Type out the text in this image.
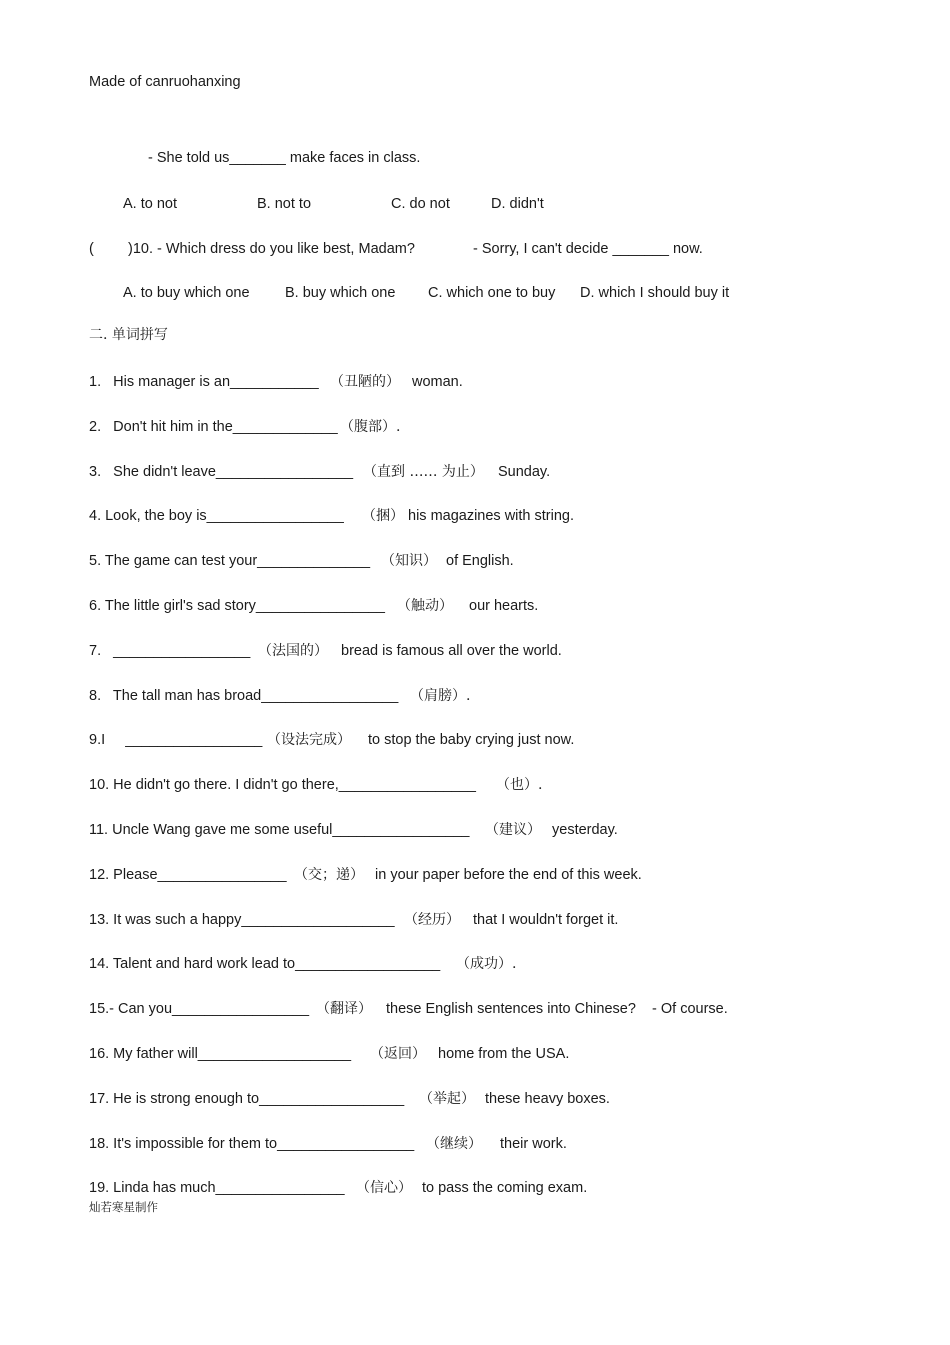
Made of canruohanxing
- She told us_______ make faces in class.
A. to not	B. not to	C. do not	D. didn't
( )10. - Which dress do you like best, Madam?	- Sorry, I can't decide _______ now.
A. to buy which one B. buy which one C. which one to buy D. which I should buy it
二. 单词拼写
1.   His manager is an___________ （丑陋的） woman.
2.   Don't hit him in the_____________ （腹部）.
3.   She didn't leave_________________ （直到 …… 为止） Sunday.
4. Look, the boy is_________________ （捆） his magazines with string.
5. The game can test your______________ （知识） of English.
6. The little girl's sad story________________ （触动） our hearts.
7.   _________________ （法国的） bread is famous all over the world.
8.   The tall man has broad_________________ （肩膀）.
9.I     _________________ （设法完成） to stop the baby crying just now.
10. He didn't go there. I didn't go there,_________________ （也）.
11. Uncle Wang gave me some useful_________________ （建议） yesterday.
12. Please________________ （交；递） in your paper before the end of this week.
13. It was such a happy___________________ （经历） that I wouldn't forget it.
14. Talent and hard work lead to__________________ （成功）.
15.- Can you_________________ （翻译） these English sentences into Chinese?    - Of course.
16. My father will___________________ （返回） home from the USA.
17. He is strong enough to__________________ （举起） these heavy boxes.
18. It's impossible for them to_________________ （继续） their work.
19. Linda has much________________ （信心） to pass the coming exam.
灿若寒星制作
